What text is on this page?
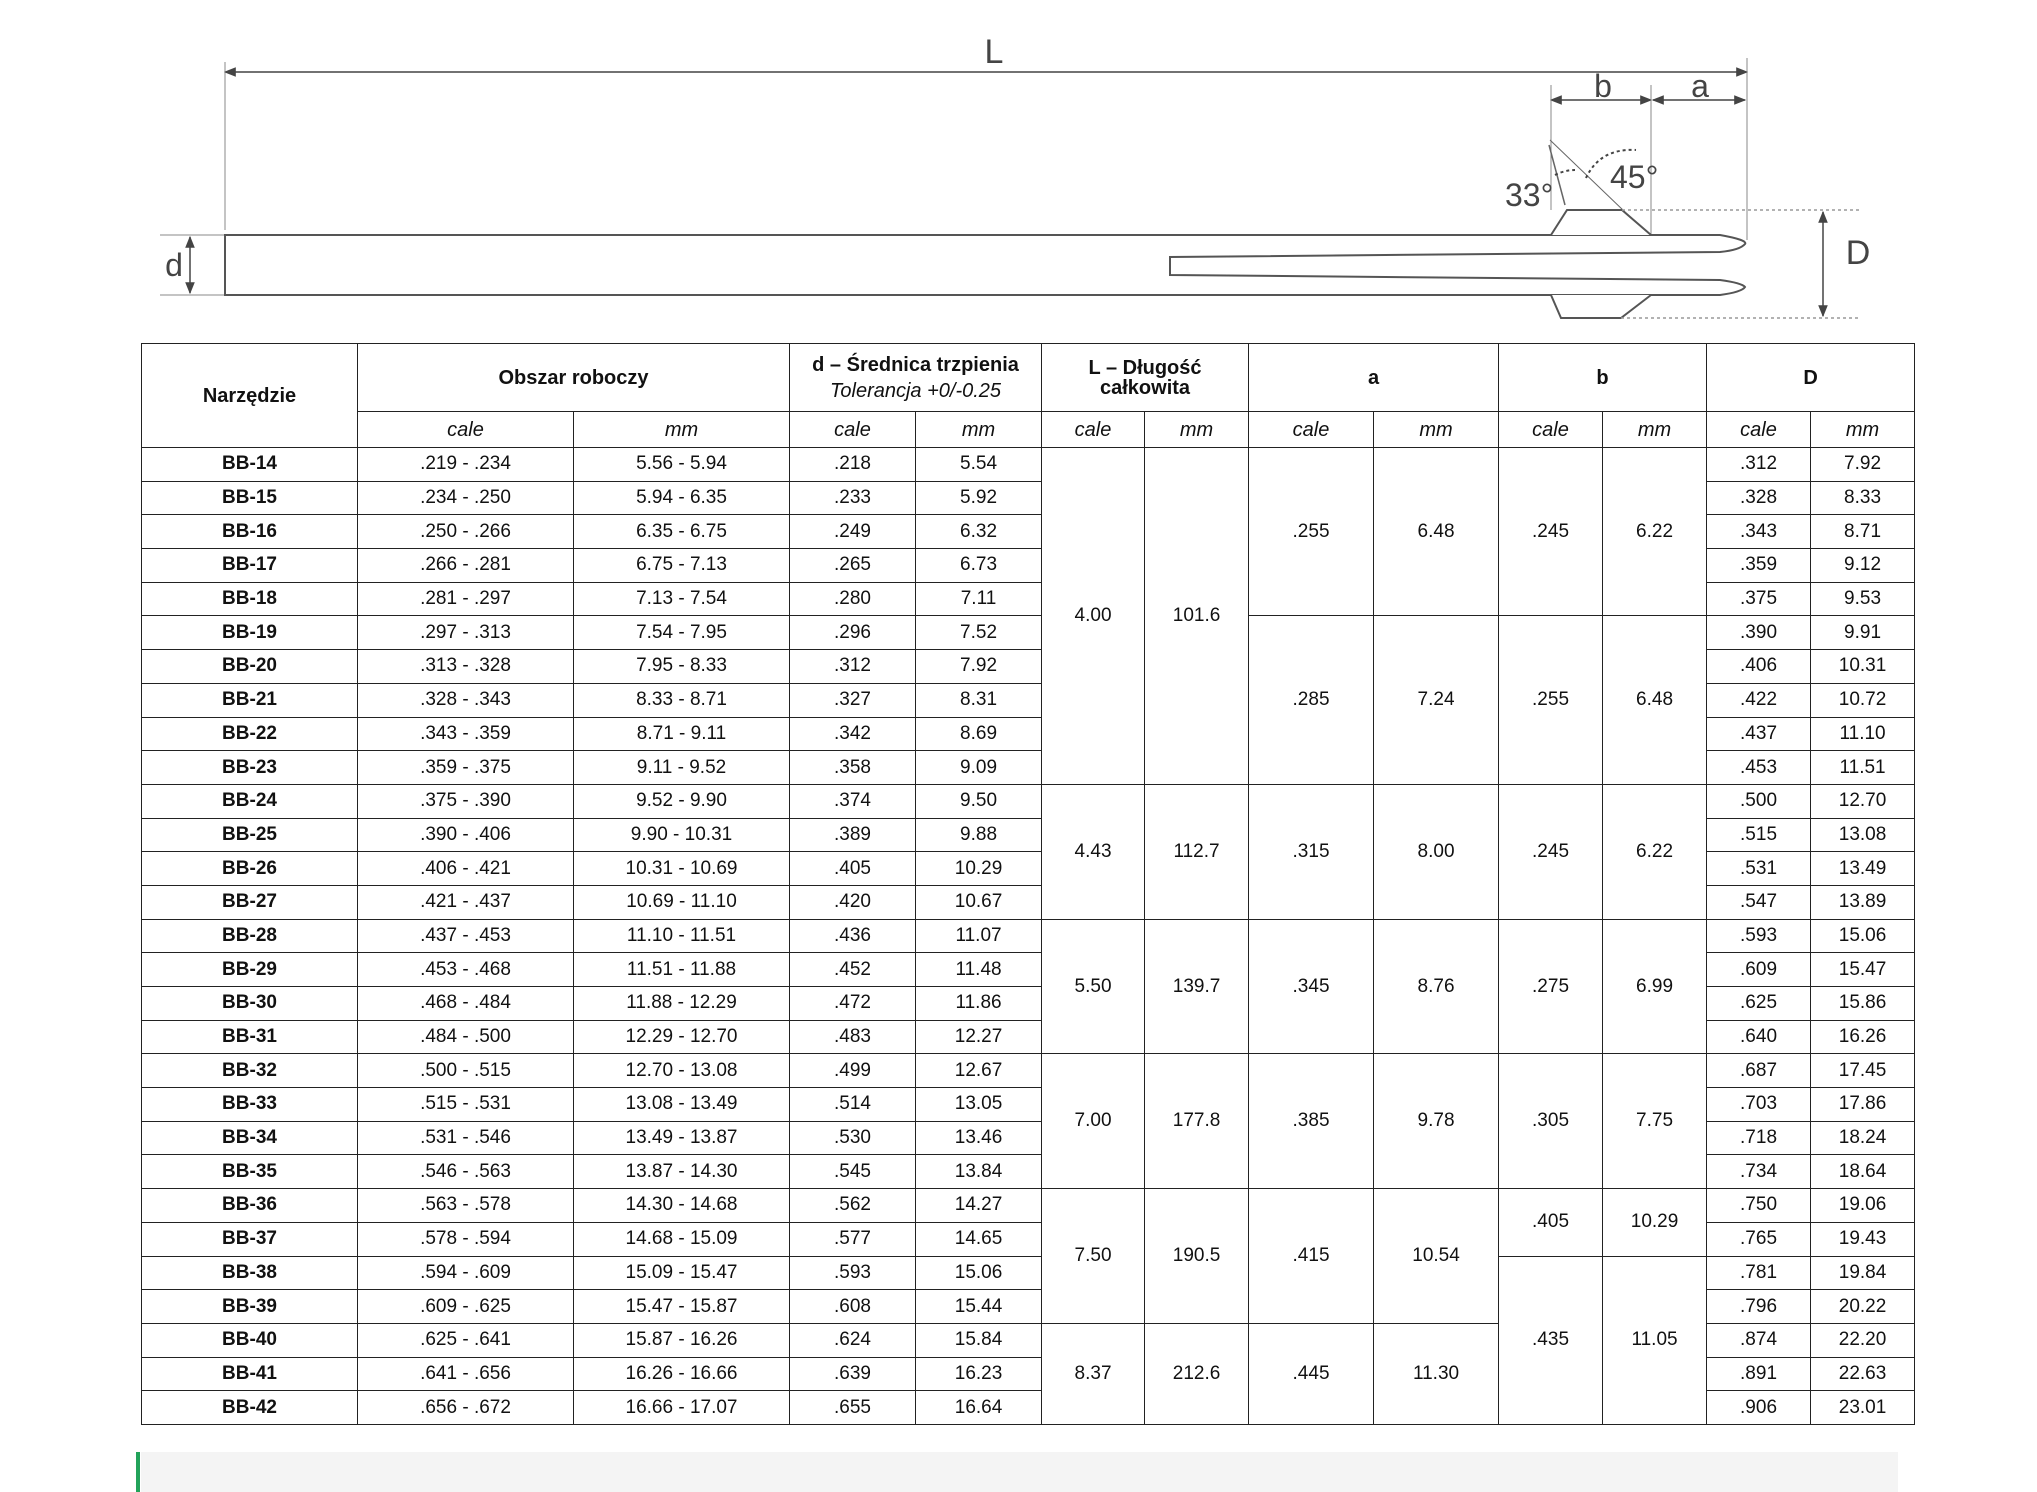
L
b a
33° 45°
d	D
Narzędzie	Obszar roboczy		d – Średnica trzpienia
Tolerancja +0/-0.25		L – Długość całkowita		a		b		D	
	cale	mm	cale	mm	cale	mm	cale	mm	cale	mm	cale	mm
BB-14	.219 - .234	5.56 - 5.94	.218	5.54	4.00	101.6	.255	6.48	.245	6.22	.312	7.92
BB-15	.234 - .250	5.94 - 6.35	.233	5.92							.328	8.33
BB-16	.250 - .266	6.35 - 6.75	.249	6.32							.343	8.71
BB-17	.266 - .281	6.75 - 7.13	.265	6.73							.359	9.12
BB-18	.281 - .297	7.13 - 7.54	.280	7.11							.375	9.53
BB-19	.297 - .313	7.54 - 7.95	.296	7.52			.285	7.24	.255	6.48	.390	9.91
BB-20	.313 - .328	7.95 - 8.33	.312	7.92							.406	10.31
BB-21	.328 - .343	8.33 - 8.71	.327	8.31							.422	10.72
BB-22	.343 - .359	8.71 - 9.11	.342	8.69							.437	11.10
BB-23	.359 - .375	9.11 - 9.52	.358	9.09							.453	11.51
BB-24	.375 - .390	9.52 - 9.90	.374	9.50	4.43	112.7	.315	8.00	.245	6.22	.500	12.70
BB-25	.390 - .406	9.90 - 10.31	.389	9.88							.515	13.08
BB-26	.406 - .421	10.31 - 10.69	.405	10.29							.531	13.49
BB-27	.421 - .437	10.69 - 11.10	.420	10.67							.547	13.89
BB-28	.437 - .453	11.10 - 11.51	.436	11.07	5.50	139.7	.345	8.76	.275	6.99	.593	15.06
BB-29	.453 - .468	11.51 - 11.88	.452	11.48							.609	15.47
BB-30	.468 - .484	11.88 - 12.29	.472	11.86							.625	15.86
BB-31	.484 - .500	12.29 - 12.70	.483	12.27							.640	16.26
BB-32	.500 - .515	12.70 - 13.08	.499	12.67	7.00	177.8	.385	9.78	.305	7.75	.687	17.45
BB-33	.515 - .531	13.08 - 13.49	.514	13.05							.703	17.86
BB-34	.531 - .546	13.49 - 13.87	.530	13.46							.718	18.24
BB-35	.546 - .563	13.87 - 14.30	.545	13.84							.734	18.64
BB-36	.563 - .578	14.30 - 14.68	.562	14.27	7.50	190.5	.415	10.54	.405	10.29	.750	19.06
BB-37	.578 - .594	14.68 - 15.09	.577	14.65							.765	19.43
BB-38	.594 - .609	15.09 - 15.47	.593	15.06					.435	11.05	.781	19.84
BB-39	.609 - .625	15.47 - 15.87	.608	15.44							.796	20.22
BB-40	.625 - .641	15.87 - 16.26	.624	15.84	8.37	212.6	.445	11.30			.874	22.20
BB-41	.641 - .656	16.26 - 16.66	.639	16.23							.891	22.63
BB-42	.656 - .672	16.66 - 17.07	.655	16.64							.906	23.01
